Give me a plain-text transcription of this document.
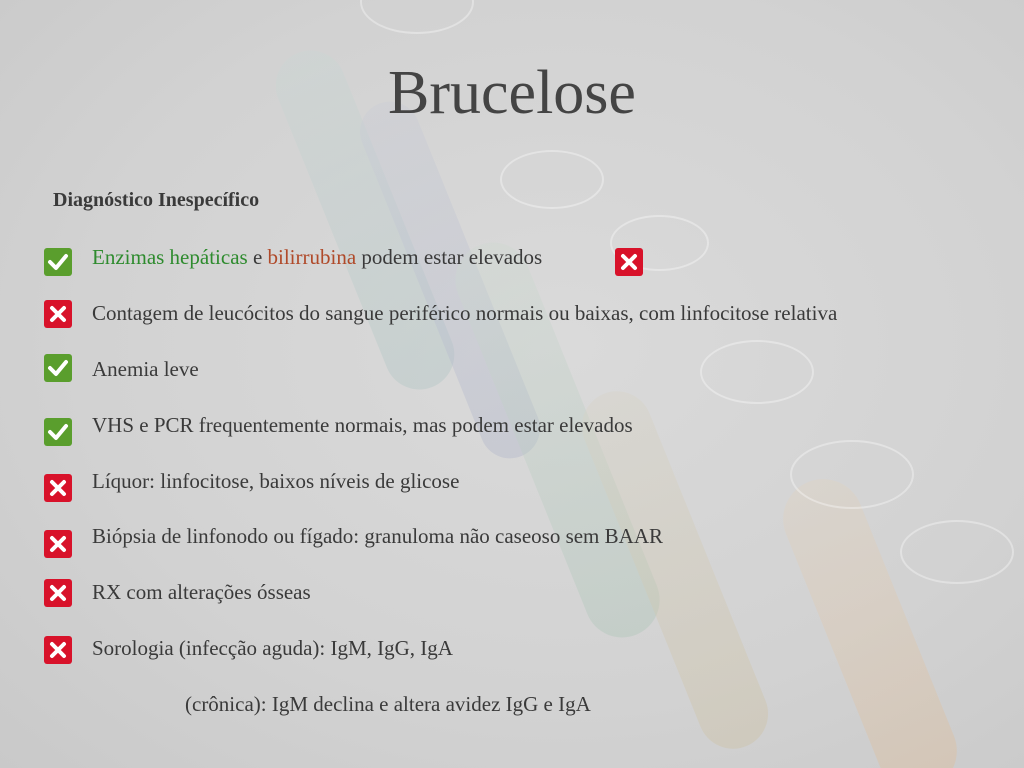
Brucelose
Diagnóstico Inespecífico
Enzimas hepáticas e bilirrubina podem estar elevados
Contagem de leucócitos do sangue periférico normais ou baixas, com linfocitose relativa
Anemia leve
VHS e PCR frequentemente normais, mas podem estar elevados
Líquor: linfocitose, baixos níveis de glicose
Biópsia de linfonodo ou fígado: granuloma não caseoso sem BAAR
RX com alterações ósseas
Sorologia (infecção aguda): IgM, IgG, IgA
(crônica): IgM declina e altera avidez IgG e IgA
